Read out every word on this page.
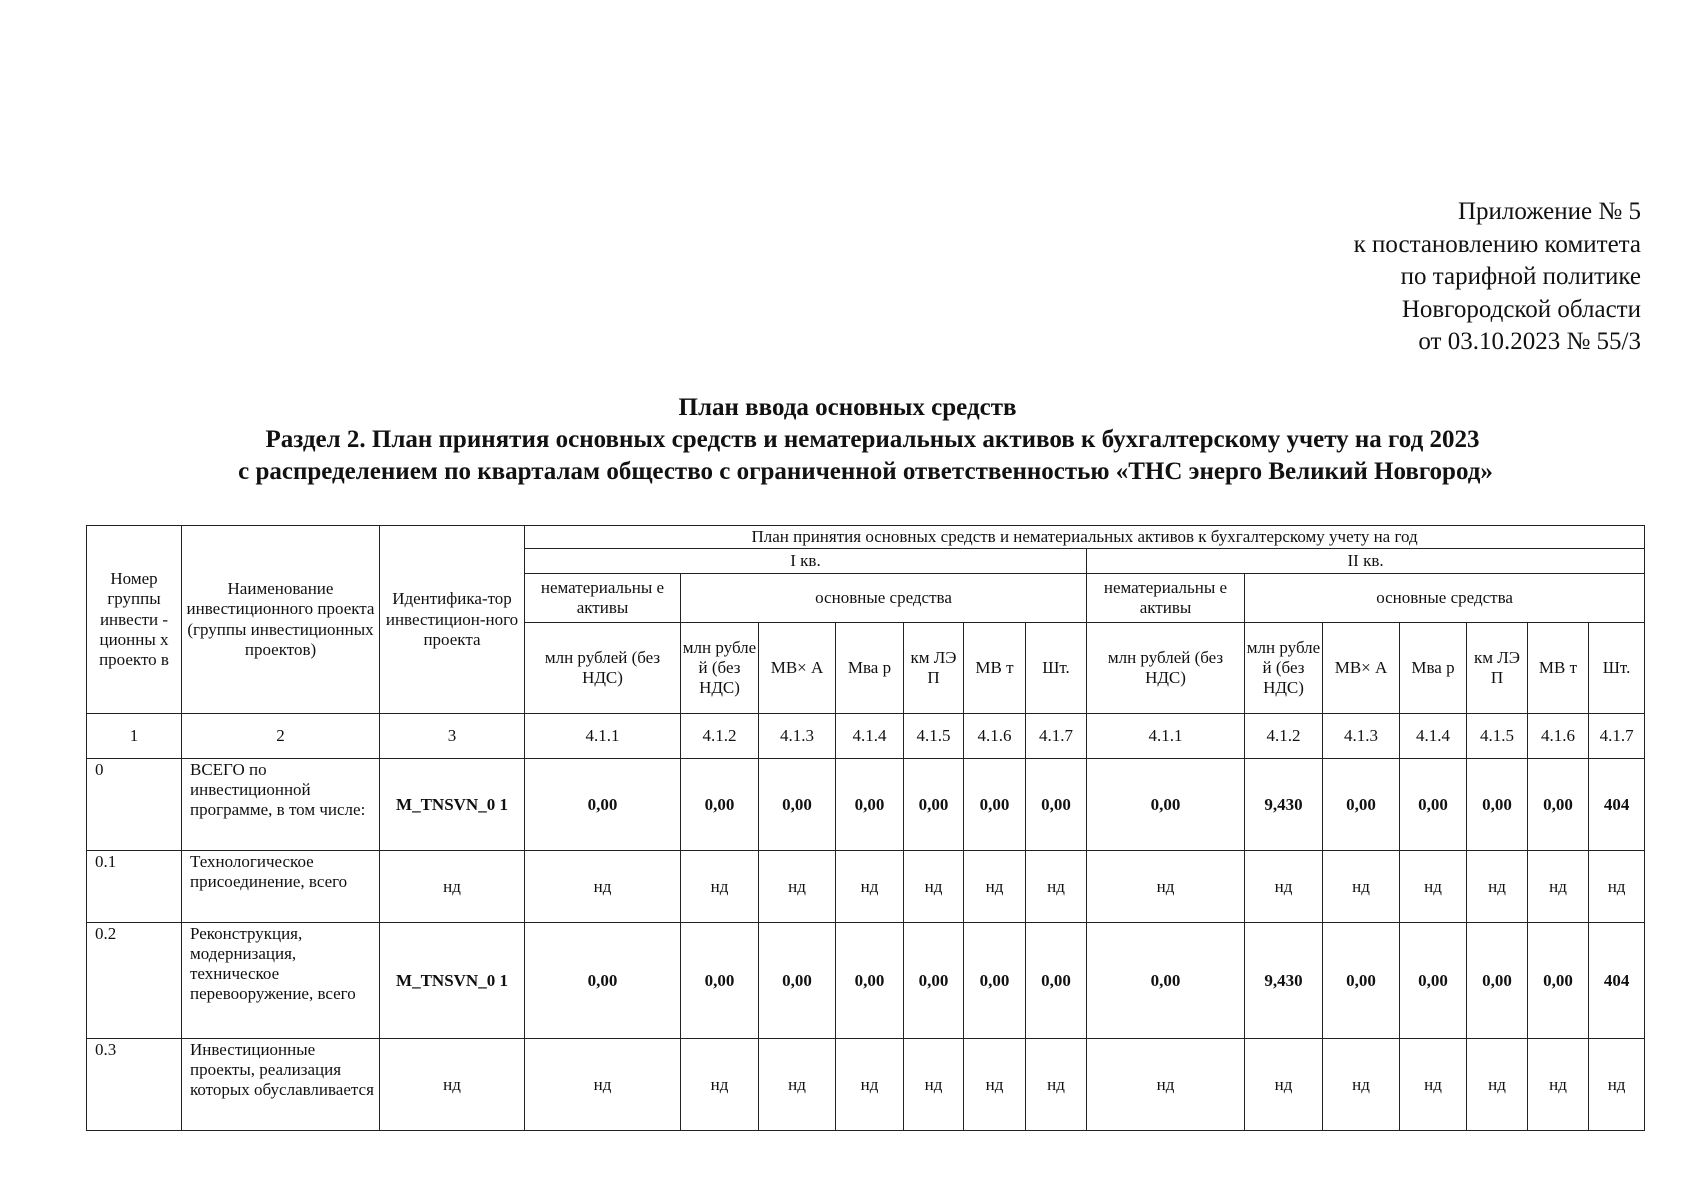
Приложение № 5
к постановлению комитета
по тарифной политике
Новгородской области
от 03.10.2023 № 55/3
План ввода основных средств
Раздел 2. План принятия основных средств и нематериальных активов к бухгалтерскому учету на год 2023
с распределением по кварталам общество с ограниченной ответственностью «ТНС энерго Великий Новгород»
Номер группы инвести - ционны х проекто в	Наименование инвестиционного проекта (группы инвестиционных проектов)	Идентифика-тор инвестицион-ного проекта	План принятия основных средств и нематериальных активов к бухгалтерскому учету на год													
			I кв.							II кв.						
			нематериальны е активы	основные средства						нематериальны е активы	основные средства					
			млн рублей (без НДС)	млн рубле й (без НДС)	МВ× А	Мва р	км ЛЭ П	МВ т	Шт.	млн рублей (без НДС)	млн рубле й (без НДС)	МВ× А	Мва р	км ЛЭ П	МВ т	Шт.
1	2	3	4.1.1	4.1.2	4.1.3	4.1.4	4.1.5	4.1.6	4.1.7	4.1.1	4.1.2	4.1.3	4.1.4	4.1.5	4.1.6	4.1.7
0	ВСЕГО по инвестиционной программе, в том числе:	M_TNSVN_0 1	0,00	0,00	0,00	0,00	0,00	0,00	0,00	0,00	9,430	0,00	0,00	0,00	0,00	404
0.1	Технологическое присоединение, всего	нд	нд	нд	нд	нд	нд	нд	нд	нд	нд	нд	нд	нд	нд	нд
0.2	Реконструкция, модернизация, техническое перевооружение, всего	M_TNSVN_0 1	0,00	0,00	0,00	0,00	0,00	0,00	0,00	0,00	9,430	0,00	0,00	0,00	0,00	404
0.3	Инвестиционные проекты, реализация которых обуславливается	нд	нд	нд	нд	нд	нд	нд	нд	нд	нд	нд	нд	нд	нд	нд
